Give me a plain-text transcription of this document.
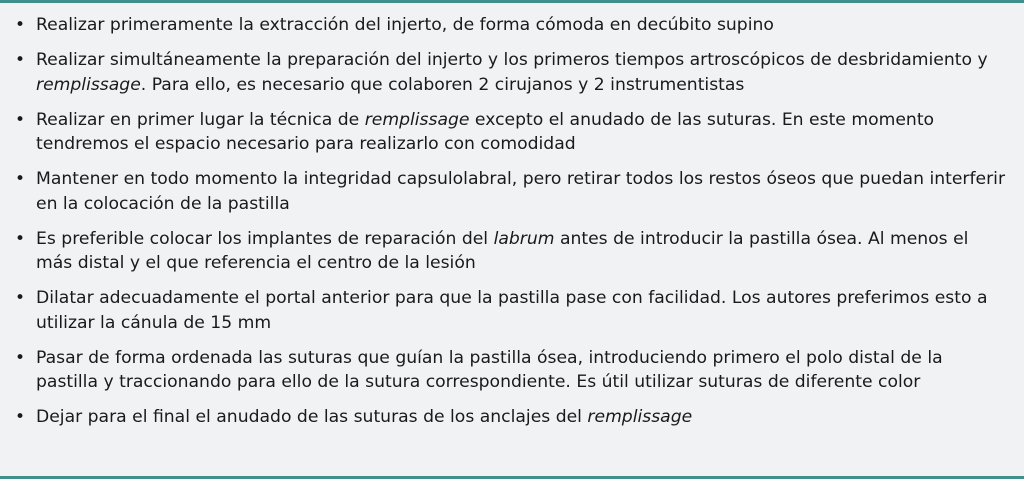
• Realizar primeramente la extracción del injerto, de forma cómoda en decúbito supino
• Realizar simultáneamente la preparación del injerto y los primeros tiempos artroscópicos de desbridamiento y remplissage. Para ello, es necesario que colaboren 2 cirujanos y 2 instrumentistas
• Realizar en primer lugar la técnica de remplissage excepto el anudado de las suturas. En este momento tendremos el espacio necesario para realizarlo con comodidad
• Mantener en todo momento la integridad capsulolabral, pero retirar todos los restos óseos que puedan interferir en la colocación de la pastilla
• Es preferible colocar los implantes de reparación del labrum antes de introducir la pastilla ósea. Al menos el más distal y el que referencia el centro de la lesión
• Dilatar adecuadamente el portal anterior para que la pastilla pase con facilidad. Los autores preferimos esto a utilizar la cánula de 15 mm
• Pasar de forma ordenada las suturas que guían la pastilla ósea, introduciendo primero el polo distal de la pastilla y traccionando para ello de la sutura correspondiente. Es útil utilizar suturas de diferente color
• Dejar para el final el anudado de las suturas de los anclajes del remplissage
